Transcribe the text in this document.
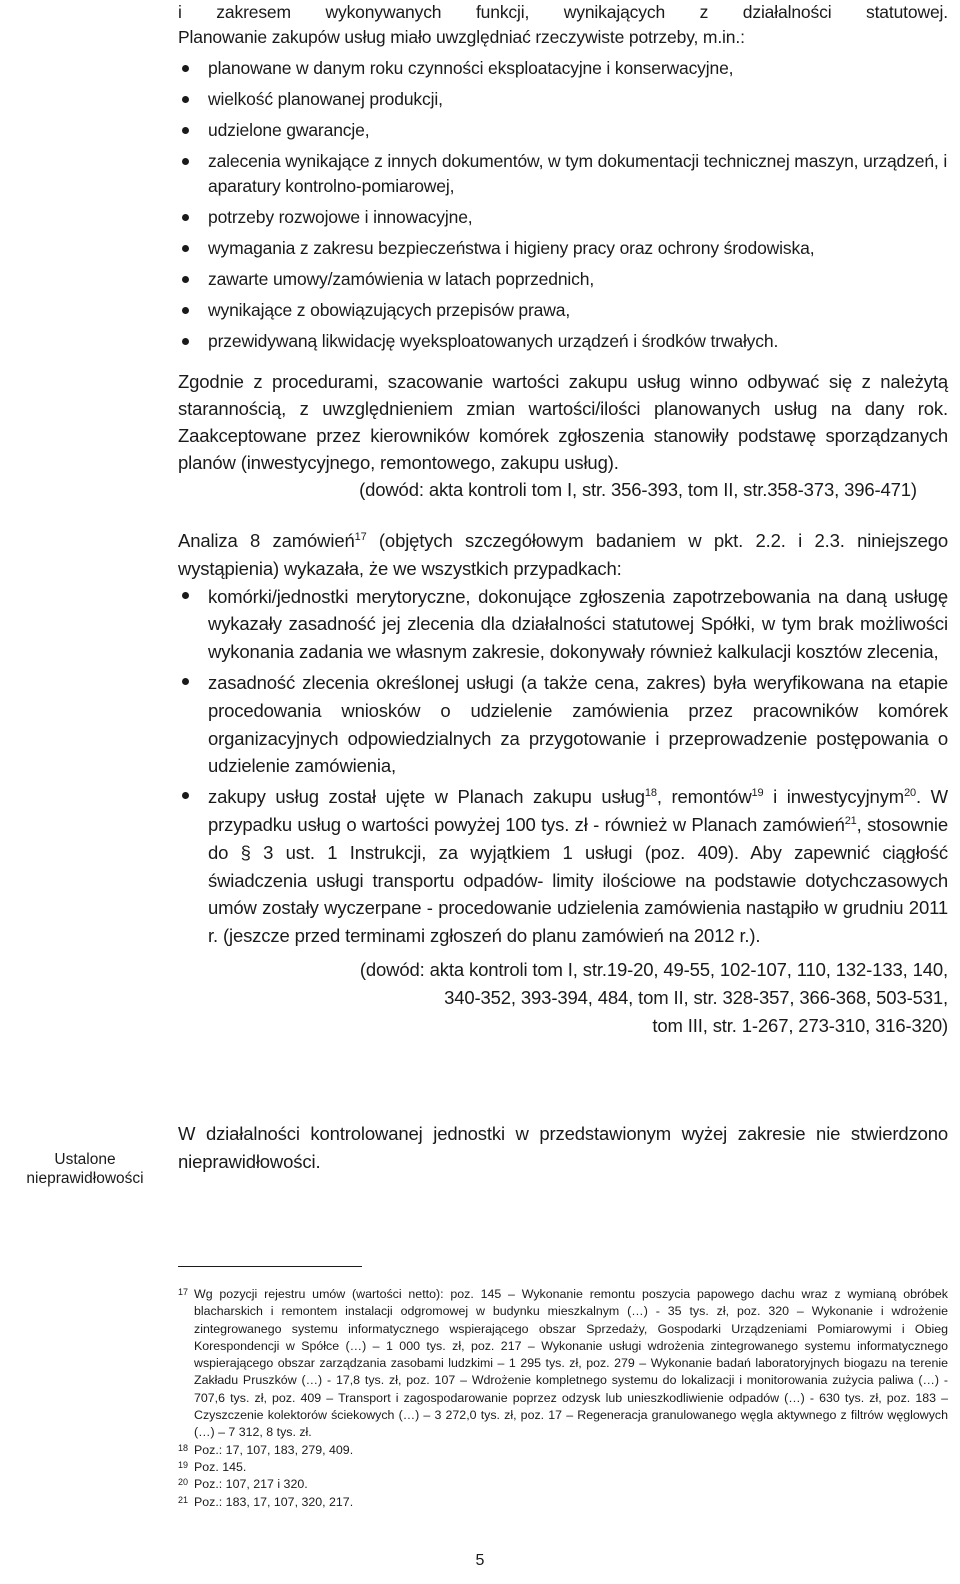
i zakresem wykonywanych funkcji, wynikających z działalności statutowej.

Planowanie zakupów usług miało uwzględniać rzeczywiste potrzeby, m.in.:

planowane w danym roku czynności eksploatacyjne i konserwacyjne,
wielkość planowanej produkcji,
udzielone gwarancje,
zalecenia wynikające z innych dokumentów, w tym dokumentacji technicznej maszyn, urządzeń, i aparatury kontrolno-pomiarowej,
potrzeby rozwojowe i innowacyjne,
wymagania z zakresu bezpieczeństwa i higieny pracy oraz ochrony środowiska,
zawarte umowy/zamówienia w latach poprzednich,
wynikające z obowiązujących przepisów prawa,
przewidywaną likwidację wyeksploatowanych urządzeń i środków trwałych.

Zgodnie z procedurami, szacowanie wartości zakupu usług winno odbywać się z należytą starannością, z uwzględnieniem zmian wartości/ilości planowanych usług na dany rok. Zaakceptowane przez kierowników komórek zgłoszenia stanowiły podstawę sporządzanych planów (inwestycyjnego, remontowego, zakupu usług).

(dowód: akta kontroli tom I, str. 356-393, tom II, str.358-373, 396-471)

Analiza 8 zamówień$^{17}$ (objętych szczegółowym badaniem w pkt. 2.2. i 2.3. niniejszego wystąpienia) wykazała, że we wszystkich przypadkach:

komórki/jednostki merytoryczne, dokonujące zgłoszenia zapotrzebowania na daną usługę wykazały zasadność jej zlecenia dla działalności statutowej Spółki, w tym brak możliwości wykonania zadania we własnym zakresie, dokonywały również kalkulacji kosztów zlecenia,
zasadność zlecenia określonej usługi (a także cena, zakres) była weryfikowana na etapie procedowania wniosków o udzielenie zamówienia przez pracowników komórek organizacyjnych odpowiedzialnych za przygotowanie i przeprowadzenie postępowania o udzielenie zamówienia,
zakupy usług został ujęte w Planach zakupu usług$^{18}$, remontów$^{19}$ i inwestycyjnym$^{20}$. W przypadku usług o wartości powyżej 100 tys. zł - również w Planach zamówień$^{21}$, stosownie do § 3 ust. 1 Instrukcji, za wyjątkiem 1 usługi (poz. 409). Aby zapewnić ciągłość świadczenia usługi transportu odpadów- limity ilościowe na podstawie dotychczasowych umów zostały wyczerpane - procedowanie udzielenia zamówienia nastąpiło w grudniu 2011 r. (jeszcze przed terminami zgłoszeń do planu zamówień na 2012 r.).
(dowód: akta kontroli tom I, str.19-20, 49-55, 102-107, 110, 132-133, 140,
340-352, 393-394, 484, tom II, str. 328-357, 366-368, 503-531,
tom III, str. 1-267, 273-310, 316-320)
Ustalone
nieprawidłowości

W działalności kontrolowanej jednostki w przedstawionym wyżej zakresie nie stwierdzono nieprawidłowości.

17 Wg pozycji rejestru umów (wartości netto): poz. 145 – Wykonanie remontu poszycia papowego dachu wraz z wymianą obróbek blacharskich i remontem instalacji odgromowej w budynku mieszkalnym (…) - 35 tys. zł, poz. 320 – Wykonanie i wdrożenie zintegrowanego systemu informatycznego wspierającego obszar Sprzedaży, Gospodarki Urządzeniami Pomiarowymi i Obieg Korespondencji w Spółce (…) – 1 000 tys. zł, poz. 217 – Wykonanie usługi wdrożenia zintegrowanego systemu informatycznego wspierającego obszar zarządzania zasobami ludzkimi – 1 295 tys. zł, poz. 279 – Wykonanie badań laboratoryjnych biogazu na terenie Zakładu Pruszków (…) - 17,8 tys. zł, poz. 107 – Wdrożenie kompletnego systemu do lokalizacji i monitorowania zużycia paliwa (…) - 707,6 tys. zł, poz. 409 – Transport i zagospodarowanie poprzez odzysk lub unieszkodliwienie odpadów (…) - 630 tys. zł, poz. 183 – Czyszczenie kolektorów ściekowych (…) – 3 272,0 tys. zł, poz. 17 – Regeneracja granulowanego węgla aktywnego z filtrów węglowych (…) – 7 312, 8 tys. zł.
18 Poz.: 17, 107, 183, 279, 409.
19 Poz. 145.
20 Poz.: 107, 217 i 320.
21 Poz.: 183, 17, 107, 320, 217.
5
